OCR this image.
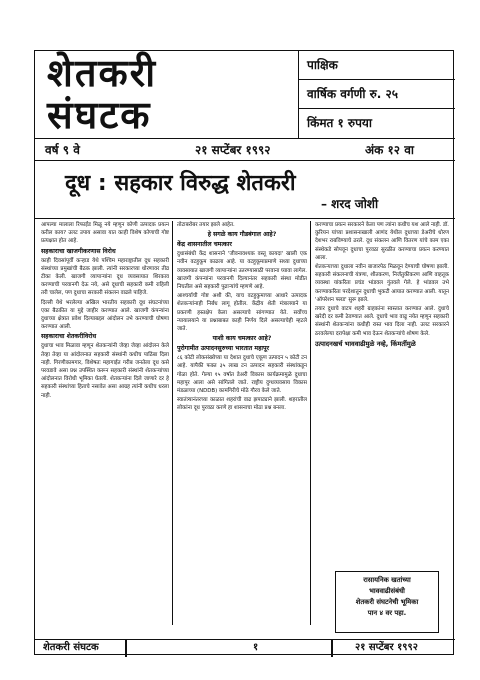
शेतकरी
संघटक
पाक्षिक
वार्षिक वर्गणी रु. २५
किंमत १ रुपया
वर्ष ९ वे	२१ सप्टेंबर १९९२	अंक १२ वा
दूध : सहकार विरुद्ध शेतकरी
– शरद जोशी

आपल्या मालाला रिफाईंड मिळू नये म्हणून कोणी उत्पादक प्रयत्न करील काय? उलट उपाय असावा यात काही विशेष कोणाची गोष्ट प्रत्यक्षात होत आहे.

सहकाराचा खाजगीकरणास विरोध

काही दिवसांपूर्वी कऱ्हाड येथे पश्चिम महाराष्ट्रातील दूध सहकारी संस्थांच्या प्रमुखांची बैठक झाली. त्यांनी सरकारच्या धोरणावर तीव्र टीका केली. खाजगी व्यापाऱ्यांना दूध व्यवसायात शिरकाव करण्याची परवानगी देऊ नये, असे दूधाची सहकारी कमी राहिली तरी चालेल, पण दुधाचा सरकारी संकलन वाढले पाहिजे.

दिल्ली येथे भरलेल्या अखिल भारतीय सहकारी दूध संघटनांच्या एका बैठकीत या मुद्दे जाहीर करण्यात आले. खाजगी कंपन्यांना दुधाच्या क्षेत्रात प्रवेश दिल्याबद्दल आंदोलन उभे करण्याची घोषणा करण्यात आली.

सहकाराचा शेतकरीविरोध

दुधाचा भाव मिळावा म्हणून शेतकऱ्यांनी जेव्हा जेव्हा आंदोलन केले तेव्हा तेव्हा या आंदोलनात सहकारी संस्थांनी कधीच पाठिंबा दिला नाही. गिरणीकामगार, विशेषतः महागाईत गरीब जनतेला दूध कसे परवडावे असा प्रश्न उपस्थित करून सहकारी संस्थांनी शेतकऱ्यांच्या आंदोलनात विरोधी भूमिका घेतली. शेतकऱ्यांना दिले जाणारे दर हे सहकारी संस्थांच्या हिताचे नसावेत असा आग्रह त्यांनी कधीच धरला नाही.

तोटाबरोबर तयार झाले आहेत.

हे सगळे काय गौडबंगाल आहे?
केंद्र शासनातील चमत्कार

दुधासंबंधी केंद्र शासनाने 'जीवनावश्यक वस्तू कायदा' खाली एक नवीन वटहुकूम काढला आहे. या वटहुकूमाप्रमाणे सध्या दुधाच्या व्यवसायात खाजगी व्यापाऱ्यांना उतरण्यासाठी परवाना घ्यावा लागेल. खाजगी कंपन्यांना परवानगी दिल्यानंतर सहकारी संस्था मोडीत निघतील असे सहकारी पुढाऱ्यांचे म्हणणे आहे.

आश्चर्याची गोष्ट अशी की, याच वटहुकुमाच्या आधारे उत्पादक शेतकऱ्यांनाही निर्बंध लागू होतील. केंद्रीय शेती मंत्रालयाने या प्रकरणी हस्तक्षेप केला असल्याचे सांगण्यात येते. सर्वोच्च न्यायालयाने या प्रश्नाबाबत काही निर्णय दिले असल्याचेही म्हटले जाते.

याशी काय चमत्कार आहे?
पुरोगामीत उत्पादनसुरुच्या भारतात महापूर

८६ कोटी लोकसंख्येच्या या देशात दुधाचे एकूण उत्पादन ५ कोटी टन आहे. यापैकी फक्त ३५ लाख टन उत्पादन सहकारी संस्थांकडून गोळा होते. गेल्या १५ वर्षात डेअरी विकास कार्यक्रमामुळे दुधाचा महापूर आला असे सांगितले जाते. राष्ट्रीय दुग्धव्यवसाय विकास मंडळाच्या (NDDB) कामगिरीचे मोठे गौरव केले जाते.

स्वातंत्र्यानंतरच्या काळात शहरांची वाढ झपाट्याने झाली. शहरातील लोकांना दूध पुरवठा करणे हा शासनाचा मोठा प्रश्न बनला.

करण्याचा प्रयत्न सरकारने केला पण त्यांना कधीच यश आले नाही. डॉ. कुरियन यांच्या प्रशासनाखाली आणंद येथील दुधाच्या डेअरीचे धोरण देशभर राबविण्याचे ठरले. दूध संकलन आणि वितरण यांचे काम एका संस्थेकडे सोपवून दुधाचा पुरवठा सुरळीत करण्याचा प्रयत्न करण्यात आला.

शेतकऱ्याच्या दुधाला नवीन बाजारपेठ मिळवून देण्याची घोषणा झाली. सहकारी संकलनाची यंत्रणा, शीतकरण, निर्जंतुकीकरण आणि वाहतूक व्यवस्था यांकरिता प्रचंड भांडवल गुंतवले गेले. हे भांडवल उभे करण्याकरिता परदेशातून दुधाची भुकटी आयात करण्यात आली. यातून 'ऑपरेशन फ्लड' सुरू झाले.

तयार दुधाचे वाटप शहरी ग्राहकांना स्वस्तात करण्यात आले. दुधाचे खरेदी दर कमी ठेवण्यात आले. दुधाचे भाव वाढू नयेत म्हणून सहकारी संस्थांनी शेतकऱ्यांना कधीही रास्त भाव दिला नाही. उलट सरकारने ठरवलेल्या दरापेक्षा कमी भाव देऊन शेतकऱ्यांचे शोषण केले.

उत्पादनखर्च भाववाढीमुळे नव्हे, किंमतींमुळे

रासायनिक खतांच्या
भाववाढीसंबंधी
शेतकरी संघटनेची भूमिका
पान ४ वर पहा.
शेतकरी संघटक	१	२१ सप्टेंबर १९९२
